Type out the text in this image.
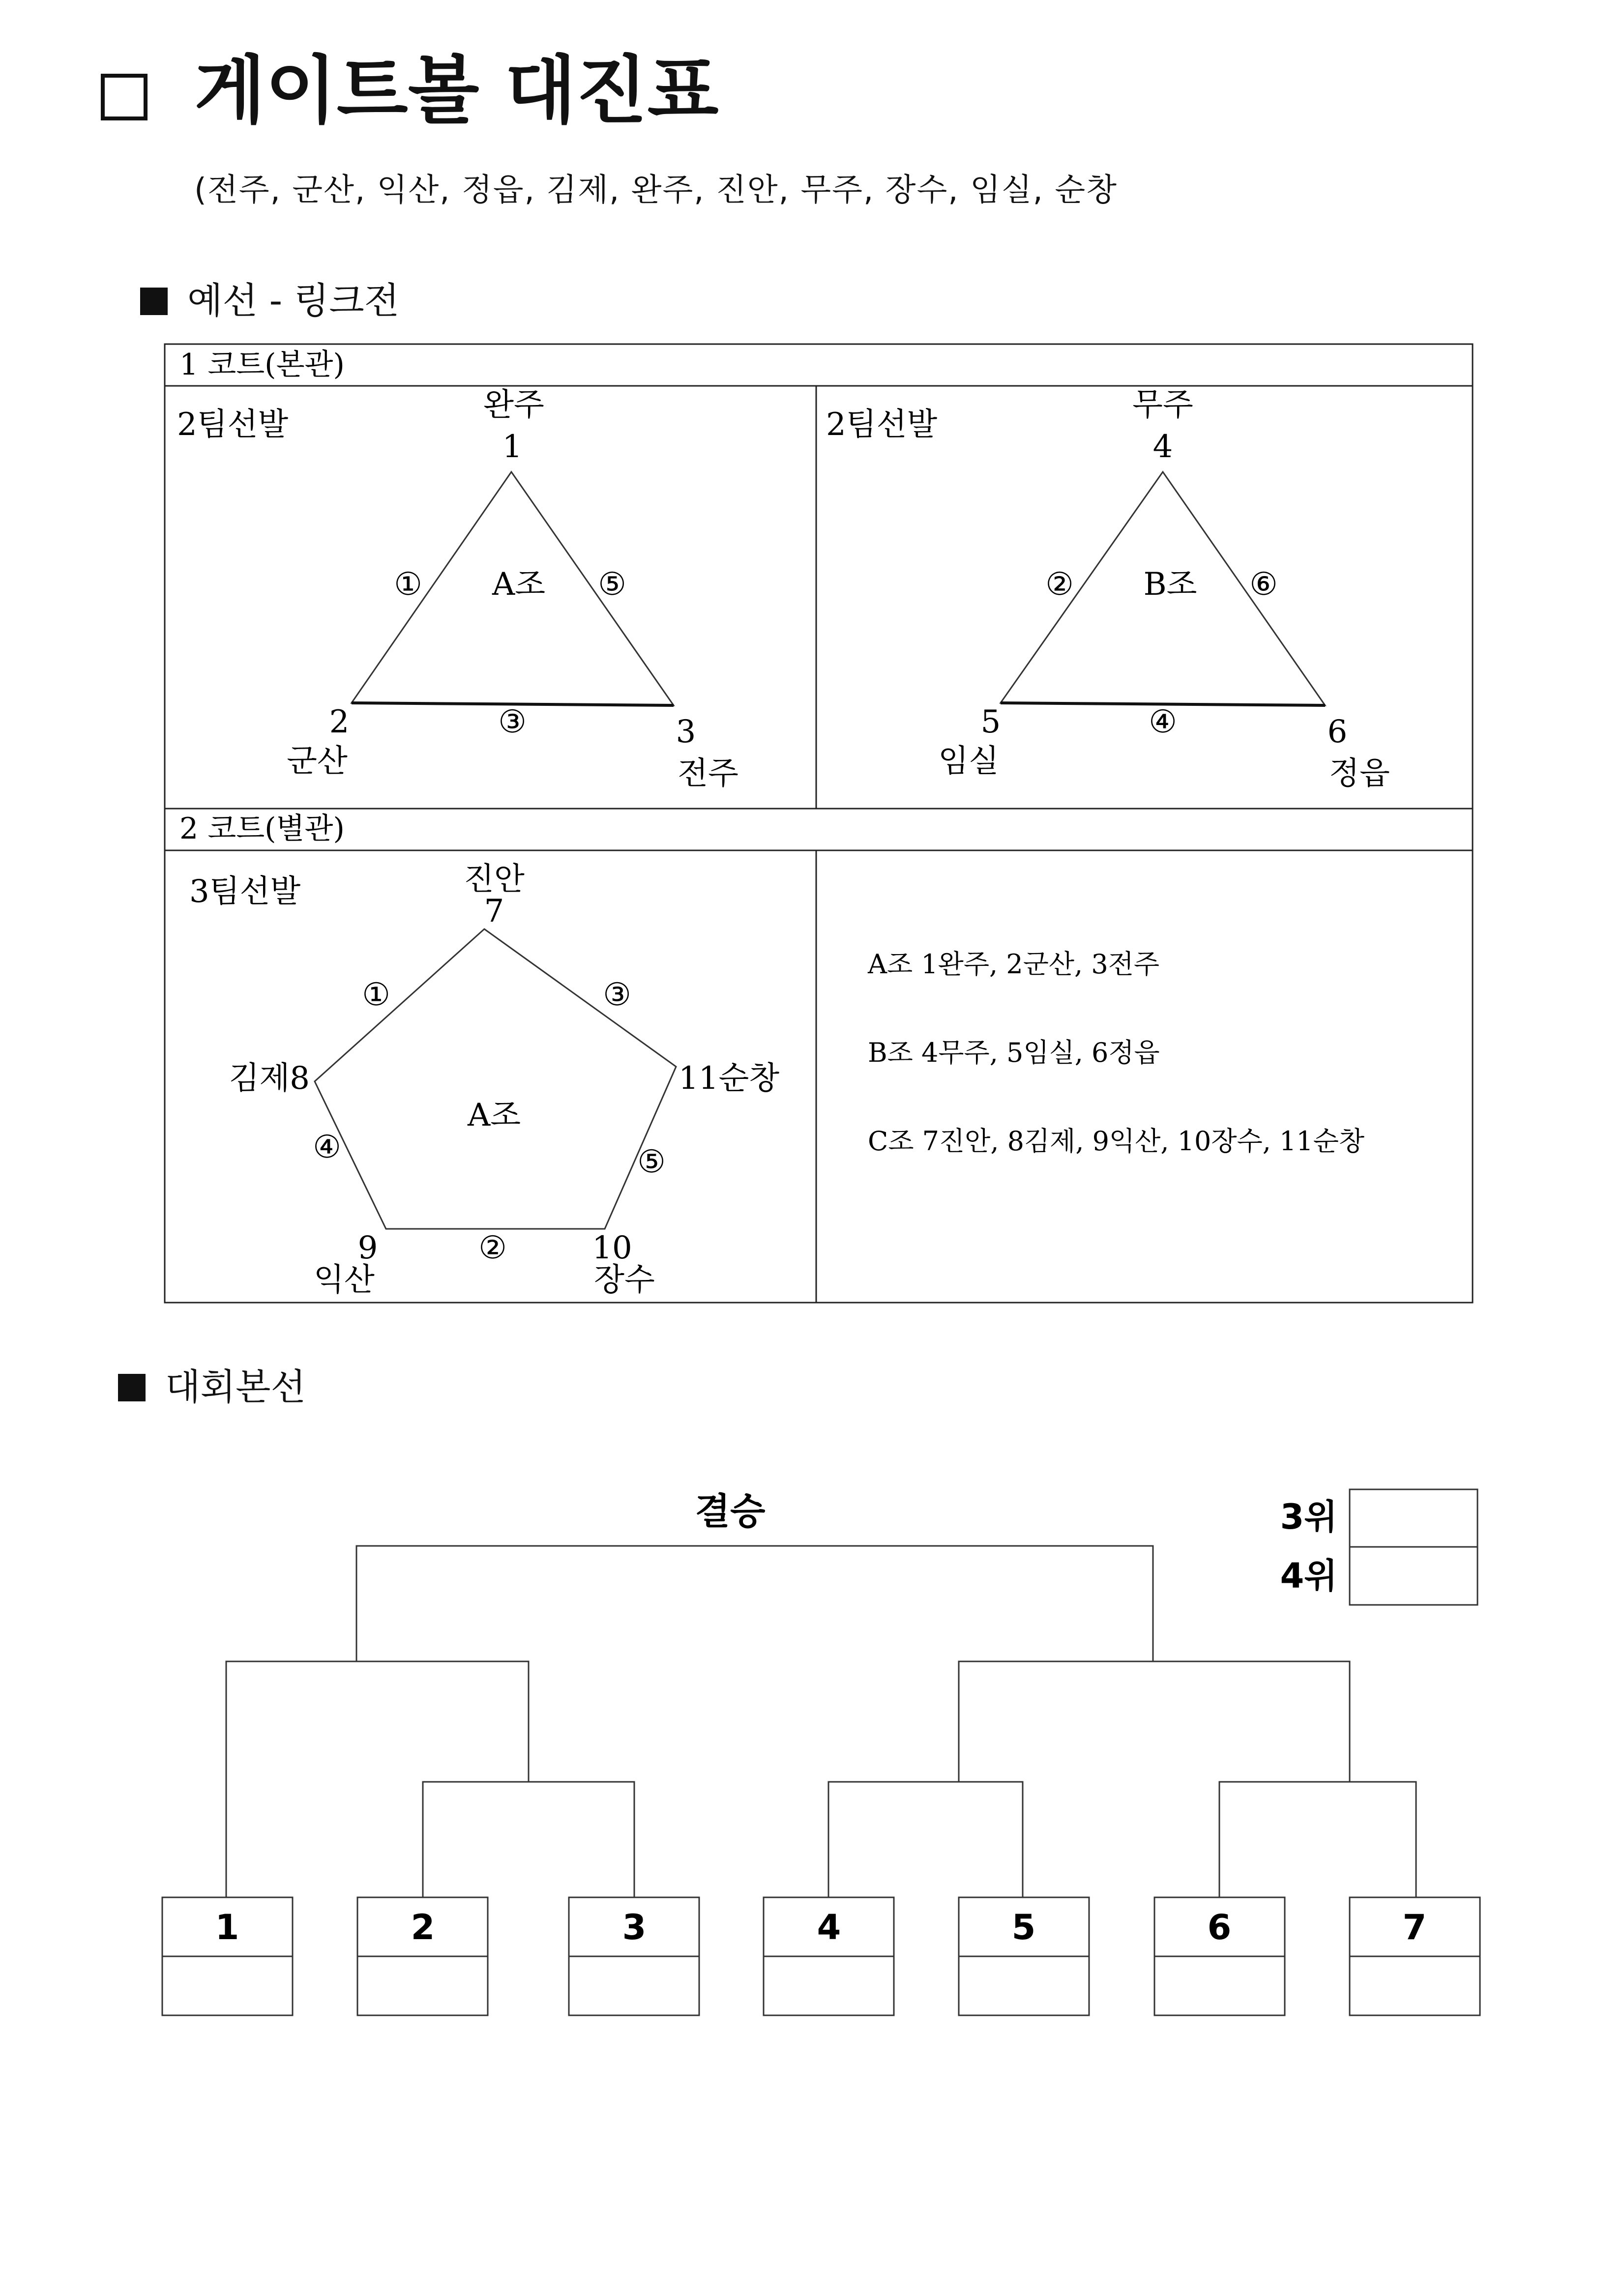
게이트볼 대진표
(전주, 군산, 익산, 정읍, 김제, 완주, 진안, 무주, 장수, 임실, 순창
예선 - 링크전
1 코트(본관)
2 코트(별관)
2팀선발
완주
1
A조
①	⑤
③
2
군산
3
전주
2팀선발
무주
4
B조
②	⑥
④
5
임실
6
정읍
3팀선발	진안
7
A조
①	③
④	⑤
②
김제8	11순창
9
익산
10
장수
A조 1완주, 2군산, 3전주
B조 4무주, 5임실, 6정읍
C조 7진안, 8김제, 9익산, 10장수, 11순창
대회본선
결승	3위
4위
1	2	3	4	5	6	7
